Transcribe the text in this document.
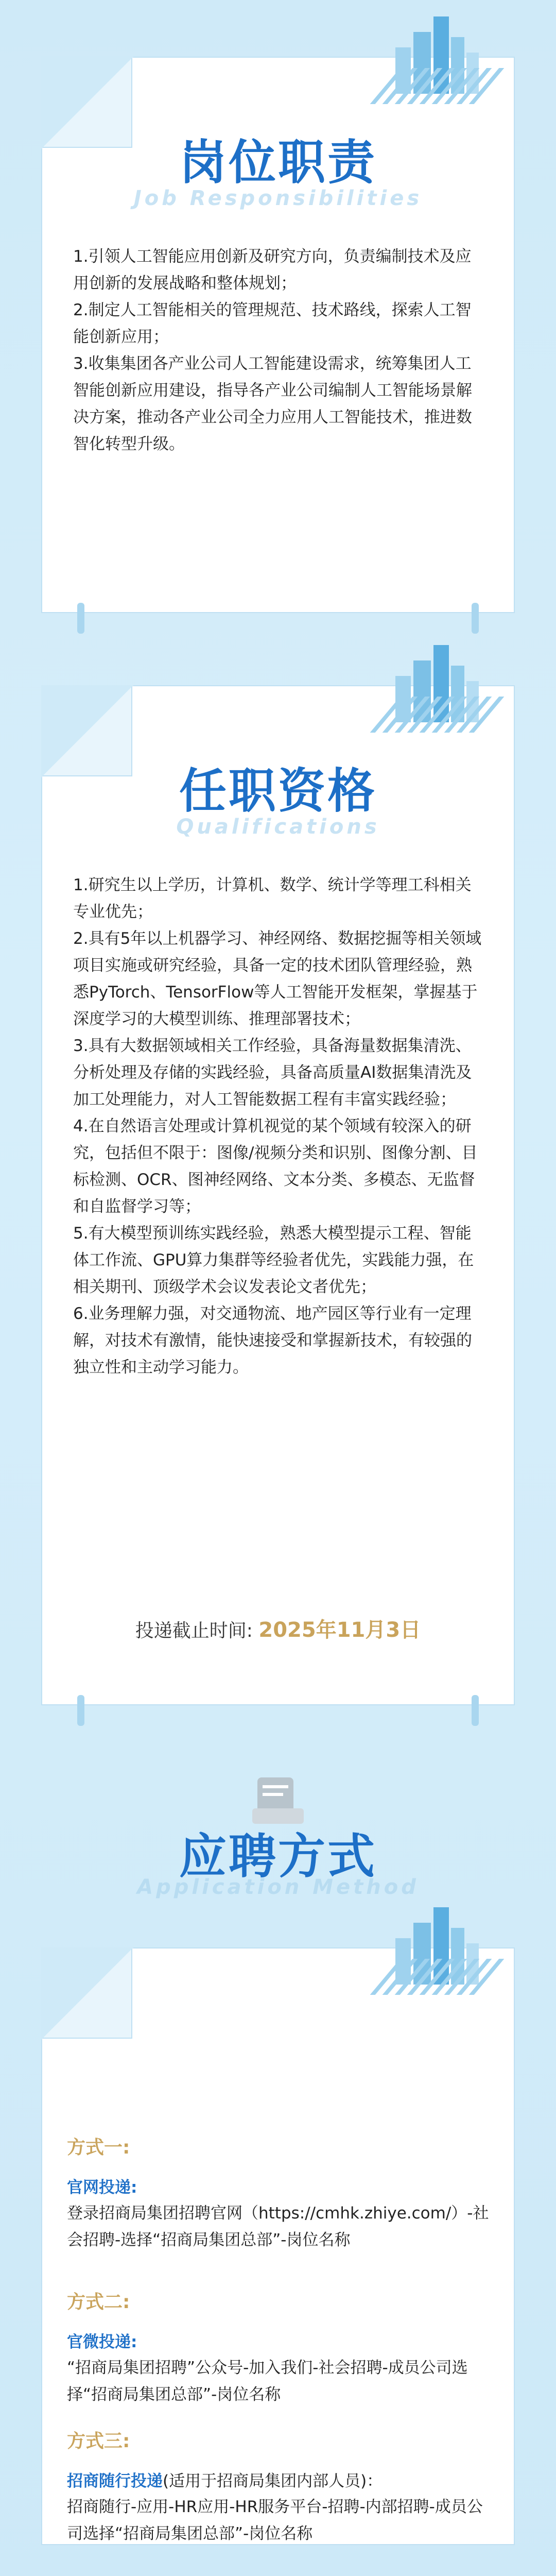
岗位职责
Job Responsibilities

1.引领人工智能应用创新及研究方向，负责编制技术及应用创新的发展战略和整体规划；

2.制定人工智能相关的管理规范、技术路线，探索人工智能创新应用；

3.收集集团各产业公司人工智能建设需求，统筹集团人工智能创新应用建设，指导各产业公司编制人工智能场景解决方案，推动各产业公司全力应用人工智能技术，推进数智化转型升级。

任职资格
Qualifications

1.研究生以上学历，计算机、数学、统计学等理工科相关专业优先；

2.具有5年以上机器学习、神经网络、数据挖掘等相关领域项目实施或研究经验，具备一定的技术团队管理经验，熟悉PyTorch、TensorFlow等人工智能开发框架，掌握基于深度学习的大模型训练、推理部署技术；

3.具有大数据领域相关工作经验，具备海量数据集清洗、分析处理及存储的实践经验，具备高质量AI数据集清洗及加工处理能力，对人工智能数据工程有丰富实践经验；

4.在自然语言处理或计算机视觉的某个领域有较深入的研究，包括但不限于：图像/视频分类和识别、图像分割、目标检测、OCR、图神经网络、文本分类、多模态、无监督和自监督学习等；

5.有大模型预训练实践经验，熟悉大模型提示工程、智能体工作流、GPU算力集群等经验者优先，实践能力强，在相关期刊、顶级学术会议发表论文者优先；

6.业务理解力强，对交通物流、地产园区等行业有一定理解，对技术有激情，能快速接受和掌握新技术，有较强的独立性和主动学习能力。

投递截止时间: 2025年11月3日
应聘方式
Application Method
方式一:
官网投递:
登录招商局集团招聘官网（https://cmhk.zhiye.com/）-社会招聘-选择“招商局集团总部”-岗位名称
方式二:
官微投递:
“招商局集团招聘”公众号-加入我们-社会招聘-成员公司选择“招商局集团总部”-岗位名称
方式三:
招商随行投递(适用于招商局集团内部人员)：
招商随行-应用-HR应用-HR服务平台-招聘-内部招聘-成员公司选择“招商局集团总部”-岗位名称
